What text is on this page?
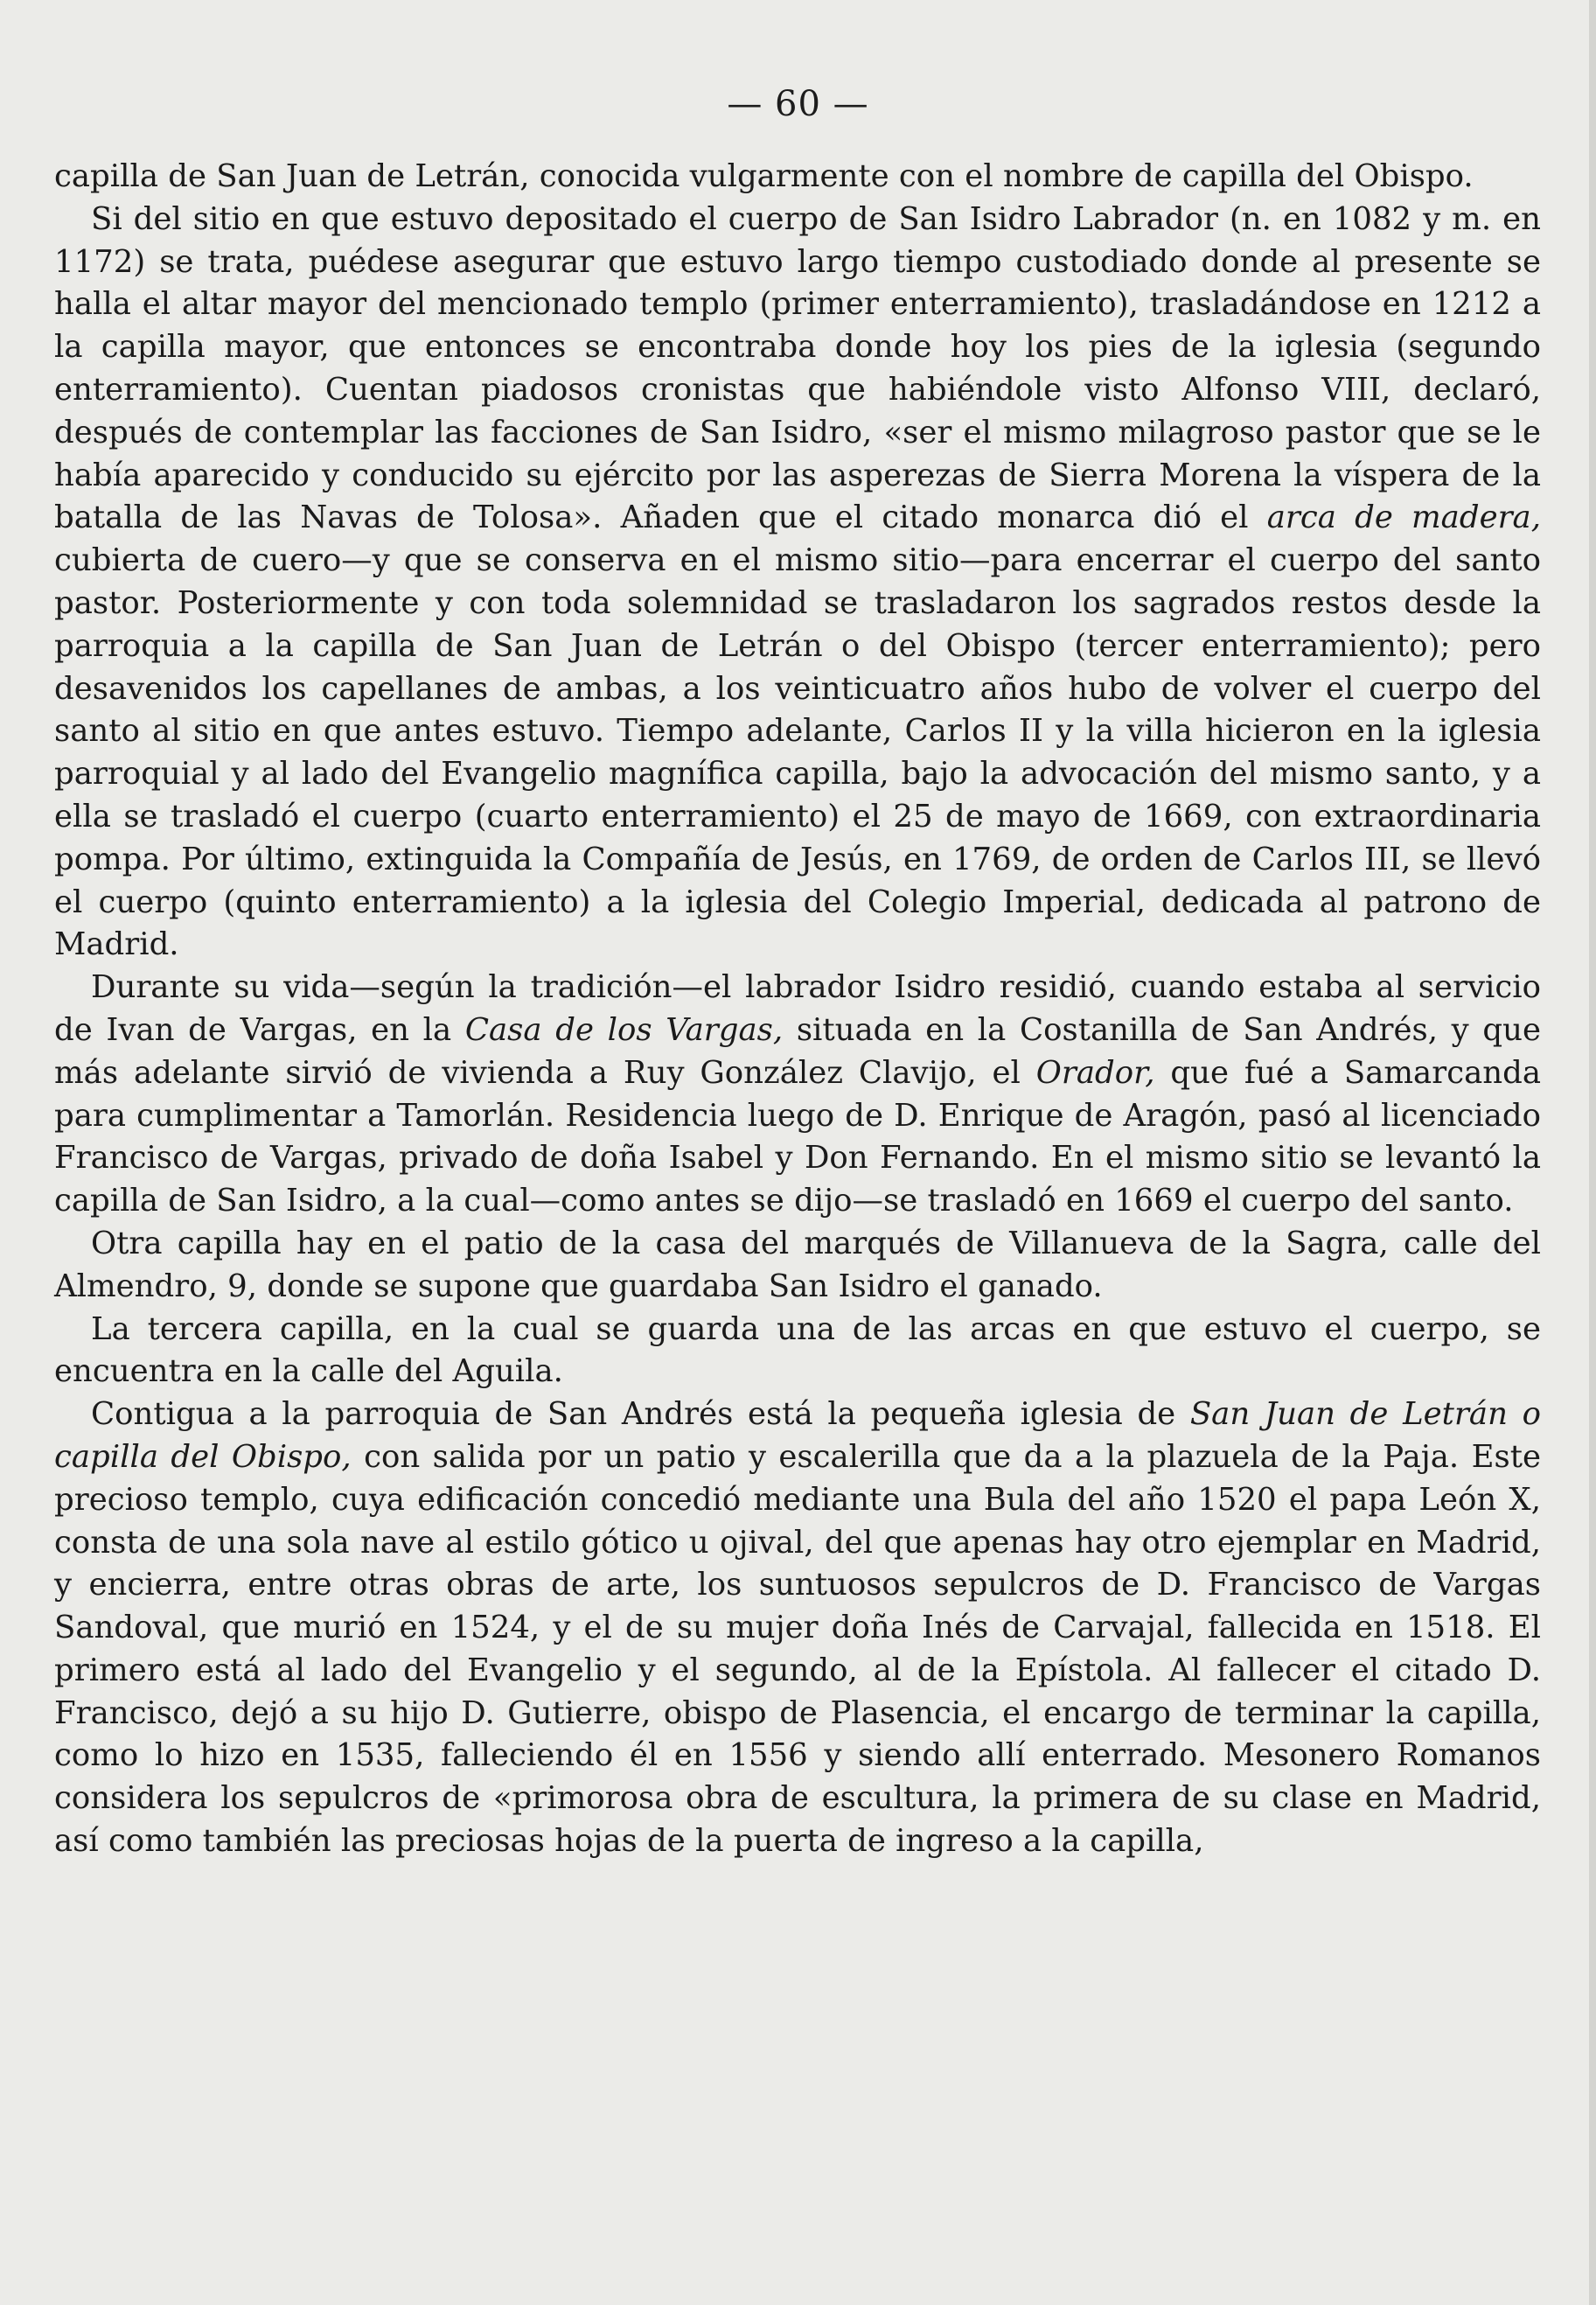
— 60 —

capilla de San Juan de Letrán, conocida vulgarmente con el nombre de capilla del Obispo.

Si del sitio en que estuvo depositado el cuerpo de San Isidro Labrador (n. en 1082 y m. en 1172) se trata, puédese asegurar que estuvo largo tiempo custodiado donde al presente se halla el altar mayor del mencionado templo (primer enterramiento), trasladándose en 1212 a la capilla mayor, que entonces se encontraba donde hoy los pies de la iglesia (segundo enterramiento). Cuentan piadosos cronistas que habiéndole visto Alfonso VIII, declaró, después de contemplar las facciones de San Isidro, «ser el mismo milagroso pastor que se le había aparecido y conducido su ejército por las asperezas de Sierra Morena la víspera de la batalla de las Navas de Tolosa». Añaden que el citado monarca dió el arca de madera, cubierta de cuero—y que se conserva en el mismo sitio—para encerrar el cuerpo del santo pastor. Posteriormente y con toda solemnidad se trasladaron los sagrados restos desde la parroquia a la capilla de San Juan de Letrán o del Obispo (tercer enterramiento); pero desavenidos los capellanes de ambas, a los veinticuatro años hubo de volver el cuerpo del santo al sitio en que antes estuvo. Tiempo adelante, Carlos II y la villa hicieron en la iglesia parroquial y al lado del Evangelio magnífica capilla, bajo la advocación del mismo santo, y a ella se trasladó el cuerpo (cuarto enterramiento) el 25 de mayo de 1669, con extraordinaria pompa. Por último, extinguida la Compañía de Jesús, en 1769, de orden de Carlos III, se llevó el cuerpo (quinto enterramiento) a la iglesia del Colegio Imperial, dedicada al patrono de Madrid.

Durante su vida—según la tradición—el labrador Isidro residió, cuando estaba al servicio de Ivan de Vargas, en la Casa de los Vargas, situada en la Costanilla de San Andrés, y que más adelante sirvió de vivienda a Ruy González Clavijo, el Orador, que fué a Samarcanda para cumplimentar a Tamorlán. Residencia luego de D. Enrique de Aragón, pasó al licenciado Francisco de Vargas, privado de doña Isabel y Don Fernando. En el mismo sitio se levantó la capilla de San Isidro, a la cual—como antes se dijo—se trasladó en 1669 el cuerpo del santo.

Otra capilla hay en el patio de la casa del marqués de Villanueva de la Sagra, calle del Almendro, 9, donde se supone que guardaba San Isidro el ganado.

La tercera capilla, en la cual se guarda una de las arcas en que estuvo el cuerpo, se encuentra en la calle del Aguila.

Contigua a la parroquia de San Andrés está la pequeña iglesia de San Juan de Letrán o capilla del Obispo, con salida por un patio y escalerilla que da a la plazuela de la Paja. Este precioso templo, cuya edificación concedió mediante una Bula del año 1520 el papa León X, consta de una sola nave al estilo gótico u ojival, del que apenas hay otro ejemplar en Madrid, y encierra, entre otras obras de arte, los suntuosos sepulcros de D. Francisco de Vargas Sandoval, que murió en 1524, y el de su mujer doña Inés de Carvajal, fallecida en 1518. El primero está al lado del Evangelio y el segundo, al de la Epístola. Al fallecer el citado D. Francisco, dejó a su hijo D. Gutierre, obispo de Plasencia, el encargo de terminar la capilla, como lo hizo en 1535, falleciendo él en 1556 y siendo allí enterrado. Mesonero Romanos considera los sepulcros de «primorosa obra de escultura, la primera de su clase en Madrid, así como también las preciosas hojas de la puerta de ingreso a la capilla,
